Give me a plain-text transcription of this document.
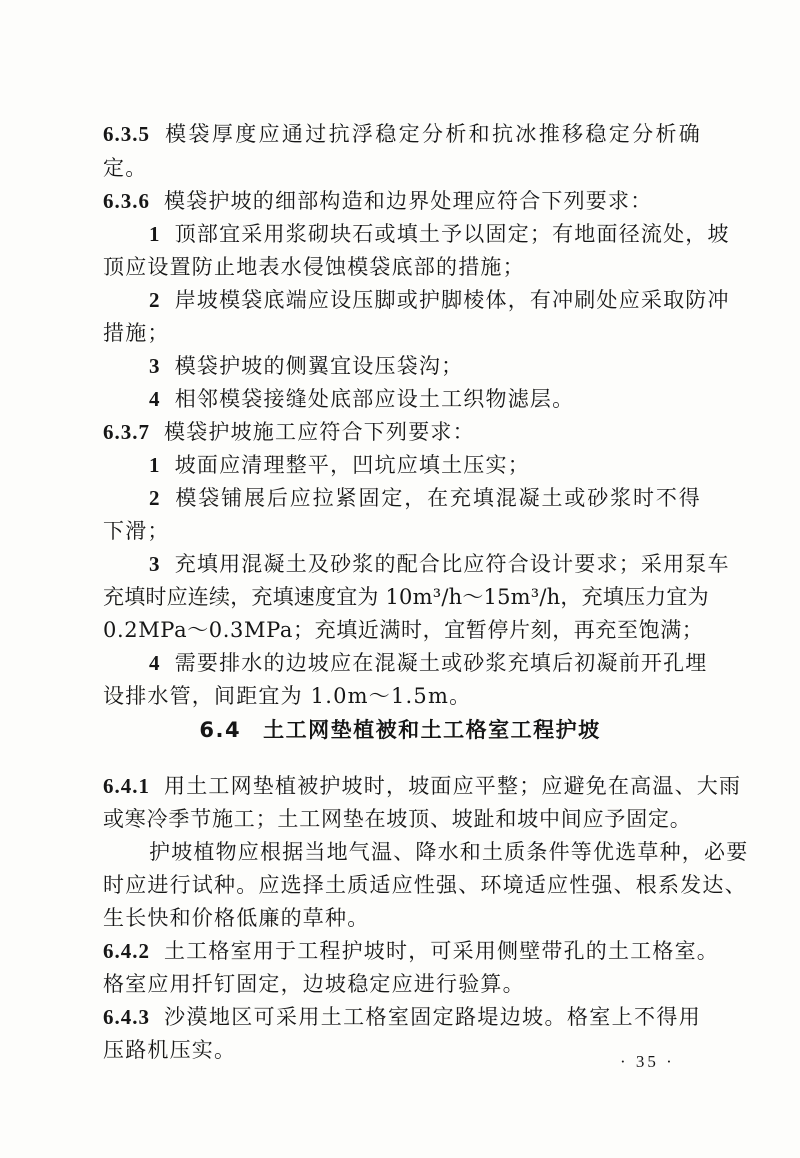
6.3.5 模袋厚度应通过抗浮稳定分析和抗冰推移稳定分析确
定。
6.3.6 模袋护坡的细部构造和边界处理应符合下列要求：
1 顶部宜采用浆砌块石或填土予以固定；有地面径流处，坡
顶应设置防止地表水侵蚀模袋底部的措施；
2 岸坡模袋底端应设压脚或护脚棱体，有冲刷处应采取防冲
措施；
3 模袋护坡的侧翼宜设压袋沟；
4 相邻模袋接缝处底部应设土工织物滤层。
6.3.7 模袋护坡施工应符合下列要求：
1 坡面应清理整平，凹坑应填土压实；
2 模袋铺展后应拉紧固定，在充填混凝土或砂浆时不得
下滑；
3 充填用混凝土及砂浆的配合比应符合设计要求；采用泵车
充填时应连续，充填速度宜为 10m³/h～15m³/h，充填压力宜为
0.2MPa～0.3MPa；充填近满时，宜暂停片刻，再充至饱满；
4 需要排水的边坡应在混凝土或砂浆充填后初凝前开孔埋
设排水管，间距宜为 1.0m～1.5m。
6.4 土工网垫植被和土工格室工程护坡
6.4.1 用土工网垫植被护坡时，坡面应平整；应避免在高温、大雨
或寒冷季节施工；土工网垫在坡顶、坡趾和坡中间应予固定。
护坡植物应根据当地气温、降水和土质条件等优选草种，必要
时应进行试种。应选择土质适应性强、环境适应性强、根系发达、
生长快和价格低廉的草种。
6.4.2 土工格室用于工程护坡时，可采用侧壁带孔的土工格室。
格室应用扦钉固定，边坡稳定应进行验算。
6.4.3 沙漠地区可采用土工格室固定路堤边坡。格室上不得用
压路机压实。	· 35 ·
